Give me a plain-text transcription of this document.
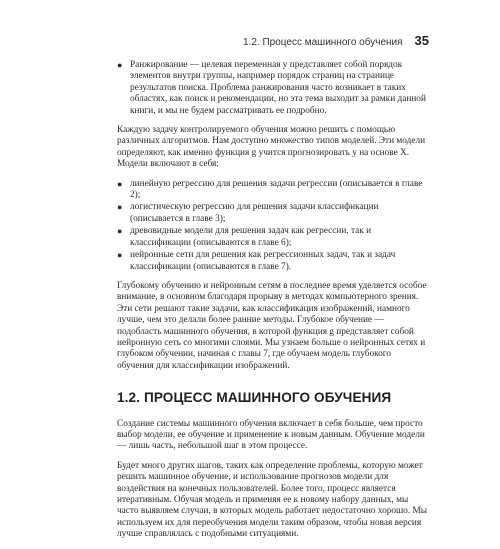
1.2. Процесс машинного обучения 35
● Ранжирование — целевая переменная y представляет собой порядок элементов внутри группы, например порядок страниц на странице результатов поиска. Проблема ранжирования часто возникает в таких областях, как поиск и рекомендации, но эта тема выходит за рамки данной книги, и мы не будем рассматривать ее подробно.

Каждую задачу контролируемого обучения можно решить с помощью различных алгоритмов. Нам доступно множество типов моделей. Эти модели определяют, как именно функция g учится прогнозировать y на основе X. Модели включают в себя:

● линейную регрессию для решения задачи регрессии (описывается в главе 2);
● логистическую регрессию для решения задачи классификации (описывается в главе 3);
● древовидные модели для решения задач как регрессии, так и классификации (описываются в главе 6);
● нейронные сети для решения как регрессионных задач, так и задач классификации (описываются в главе 7).

Глубокому обучению и нейронным сетям в последнее время уделяется особое внимание, в основном благодаря прорыву в методах компьютерного зрения. Эти сети решают такие задачи, как классификация изображений, намного лучше, чем это делали более ранние методы. Глубокое обучение — подобласть машинного обучения, в которой функция g представляет собой нейронную сеть со многими слоями. Мы узнаем больше о нейронных сетях и глубоком обучении, начиная с главы 7, где обучаем модель глубокого обучения для классификации изображений.

1.2. ПРОЦЕСС МАШИННОГО ОБУЧЕНИЯ

Создание системы машинного обучения включает в себя больше, чем просто выбор модели, ее обучение и применение к новым данным. Обучение модели — лишь часть, небольшой шаг в этом процессе.

Будет много других шагов, таких как определение проблемы, которую может решить машинное обучение, и использование прогнозов модели для воздействия на конечных пользователей. Более того, процесс является итеративным. Обучая модель и применяя ее к новому набору данных, мы часто выявляем случаи, в которых модель работает недостаточно хорошо. Мы используем их для переобучения модели таким образом, чтобы новая версия лучше справлялась с подобными ситуациями.
